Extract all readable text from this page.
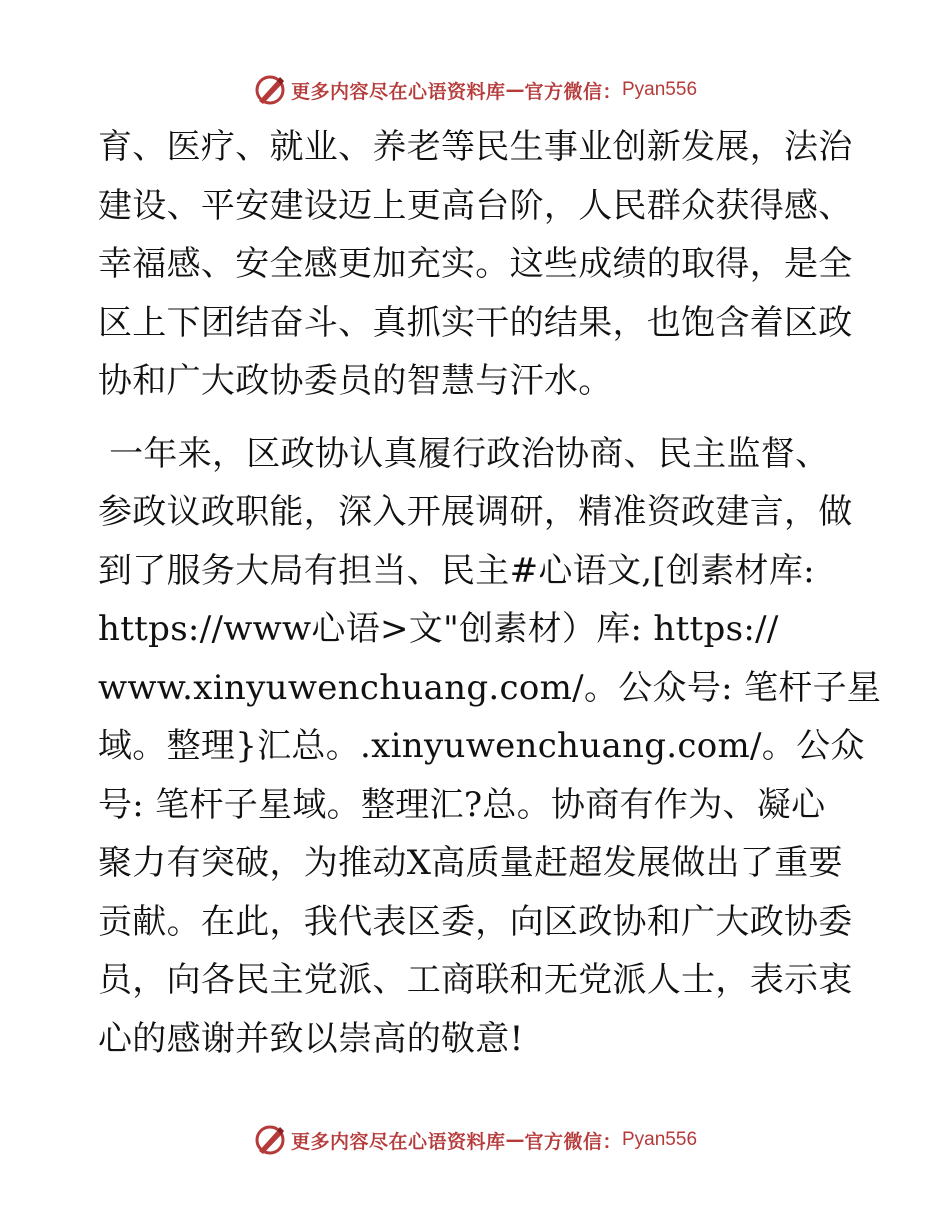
更多内容尽在心语资料库 — 官方微信： Pyan556
育、医疗、就业、养老等民生事业创新发展，法治
建设、平安建设迈上更高台阶，人民群众获得感、
幸福感、安全感更加充实。这些成绩的取得，是全
区上下团结奋斗、真抓实干的结果，也饱含着区政
协和广大政协委员的智慧与汗水。
一年来，区政协认真履行政治协商、民主监督、
参政议政职能，深入开展调研，精准资政建言，做
到了服务大局有担当、民主#心语文,[创素材库:
https://www心语>文"创素材）库: https://
www.xinyuwenchuang.com/。公众号: 笔杆子星
域。整理}汇总。.xinyuwenchuang.com/。公众
号: 笔杆子星域。整理汇?总。协商有作为、凝心
聚力有突破，为推动X高质量赶超发展做出了重要
贡献。在此，我代表区委，向区政协和广大政协委
员，向各民主党派、工商联和无党派人士，表示衷
心的感谢并致以崇高的敬意!
更多内容尽在心语资料库 — 官方微信： Pyan556
